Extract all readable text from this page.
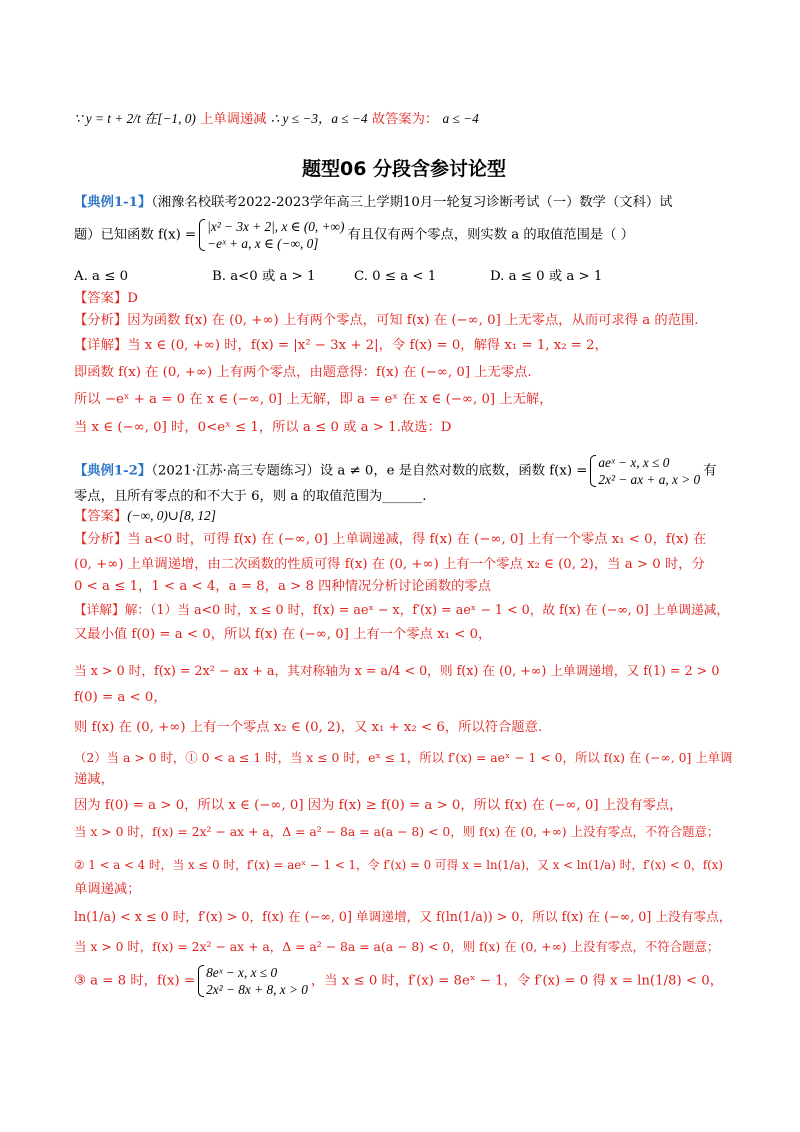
∵ y = t + 2/t 在[−1, 0) 上单调递减 ∴ y ≤ −3，a ≤ −4 故答案为： a ≤ −4
题型06 分段含参讨论型
【典例1-1】（湘豫名校联考2022-2023学年高三上学期10月一轮复习诊断考试（一）数学（文科）试
题）已知函数 f(x) =
|x² − 3x + 2|, x ∈ (0, +∞)
−eˣ + a, x ∈ (−∞, 0]
有且仅有两个零点，则实数 a 的取值范围是（ ）
A. a ≤ 0	B. a<0 或 a > 1	C. 0 ≤ a < 1	D. a ≤ 0 或 a > 1
【答案】D
【分析】因为函数 f(x) 在 (0, +∞) 上有两个零点，可知 f(x) 在 (−∞, 0] 上无零点，从而可求得 a 的范围.
【详解】当 x ∈ (0, +∞) 时，f(x) = |x² − 3x + 2|，令 f(x) = 0，解得 x₁ = 1, x₂ = 2，
即函数 f(x) 在 (0, +∞) 上有两个零点，由题意得：f(x) 在 (−∞, 0] 上无零点.
所以 −eˣ + a = 0 在 x ∈ (−∞, 0] 上无解，即 a = eˣ 在 x ∈ (−∞, 0] 上无解，
当 x ∈ (−∞, 0] 时，0<eˣ ≤ 1，所以 a ≤ 0 或 a > 1.故选：D
【典例1-2】（2021·江苏·高三专题练习）设 a ≠ 0，e 是自然对数的底数，函数 f(x) =
aeˣ − x, x ≤ 0
2x² − ax + a, x > 0
有
零点，且所有零点的和不大于 6，则 a 的取值范围为______.
【答案】(−∞, 0)∪[8, 12]
【分析】当 a<0 时，可得 f(x) 在 (−∞, 0] 上单调递减，得 f(x) 在 (−∞, 0] 上有一个零点 x₁ < 0，f(x) 在
(0, +∞) 上单调递增，由二次函数的性质可得 f(x) 在 (0, +∞) 上有一个零点 x₂ ∈ (0, 2)，当 a > 0 时，分
0 < a ≤ 1，1 < a < 4，a = 8，a > 8 四种情况分析讨论函数的零点
【详解】解：（1）当 a<0 时，x ≤ 0 时，f(x) = aeˣ − x，f′(x) = aeˣ − 1 < 0，故 f(x) 在 (−∞, 0] 上单调递减，
又最小值 f(0) = a < 0，所以 f(x) 在 (−∞, 0] 上有一个零点 x₁ < 0，
当 x > 0 时，f(x) = 2x² − ax + a，其对称轴为 x = a/4 < 0，则 f(x) 在 (0, +∞) 上单调递增，又 f(1) = 2 > 0
f(0) = a < 0，
则 f(x) 在 (0, +∞) 上有一个零点 x₂ ∈ (0, 2)，又 x₁ + x₂ < 6，所以符合题意.
（2）当 a > 0 时，① 0 < a ≤ 1 时，当 x ≤ 0 时，eˣ ≤ 1，所以 f′(x) = aeˣ − 1 < 0，所以 f(x) 在 (−∞, 0] 上单调
递减，
因为 f(0) = a > 0，所以 x ∈ (−∞, 0] 因为 f(x) ≥ f(0) = a > 0，所以 f(x) 在 (−∞, 0] 上没有零点，
当 x > 0 时，f(x) = 2x² − ax + a，Δ = a² − 8a = a(a − 8) < 0，则 f(x) 在 (0, +∞) 上没有零点，不符合题意；
② 1 < a < 4 时，当 x ≤ 0 时，f′(x) = aeˣ − 1 < 1，令 f′(x) = 0 可得 x = ln(1/a)，又 x < ln(1/a) 时，f′(x) < 0，f(x)
单调递减；
ln(1/a) < x ≤ 0 时，f′(x) > 0，f(x) 在 (−∞, 0] 单调递增，又 f(ln(1/a)) > 0，所以 f(x) 在 (−∞, 0] 上没有零点，
当 x > 0 时，f(x) = 2x² − ax + a，Δ = a² − 8a = a(a − 8) < 0，则 f(x) 在 (0, +∞) 上没有零点，不符合题意；
③ a = 8 时，f(x) =
8eˣ − x, x ≤ 0
2x² − 8x + 8, x > 0
，当 x ≤ 0 时，f′(x) = 8eˣ − 1，令 f′(x) = 0 得 x = ln(1/8) < 0，
